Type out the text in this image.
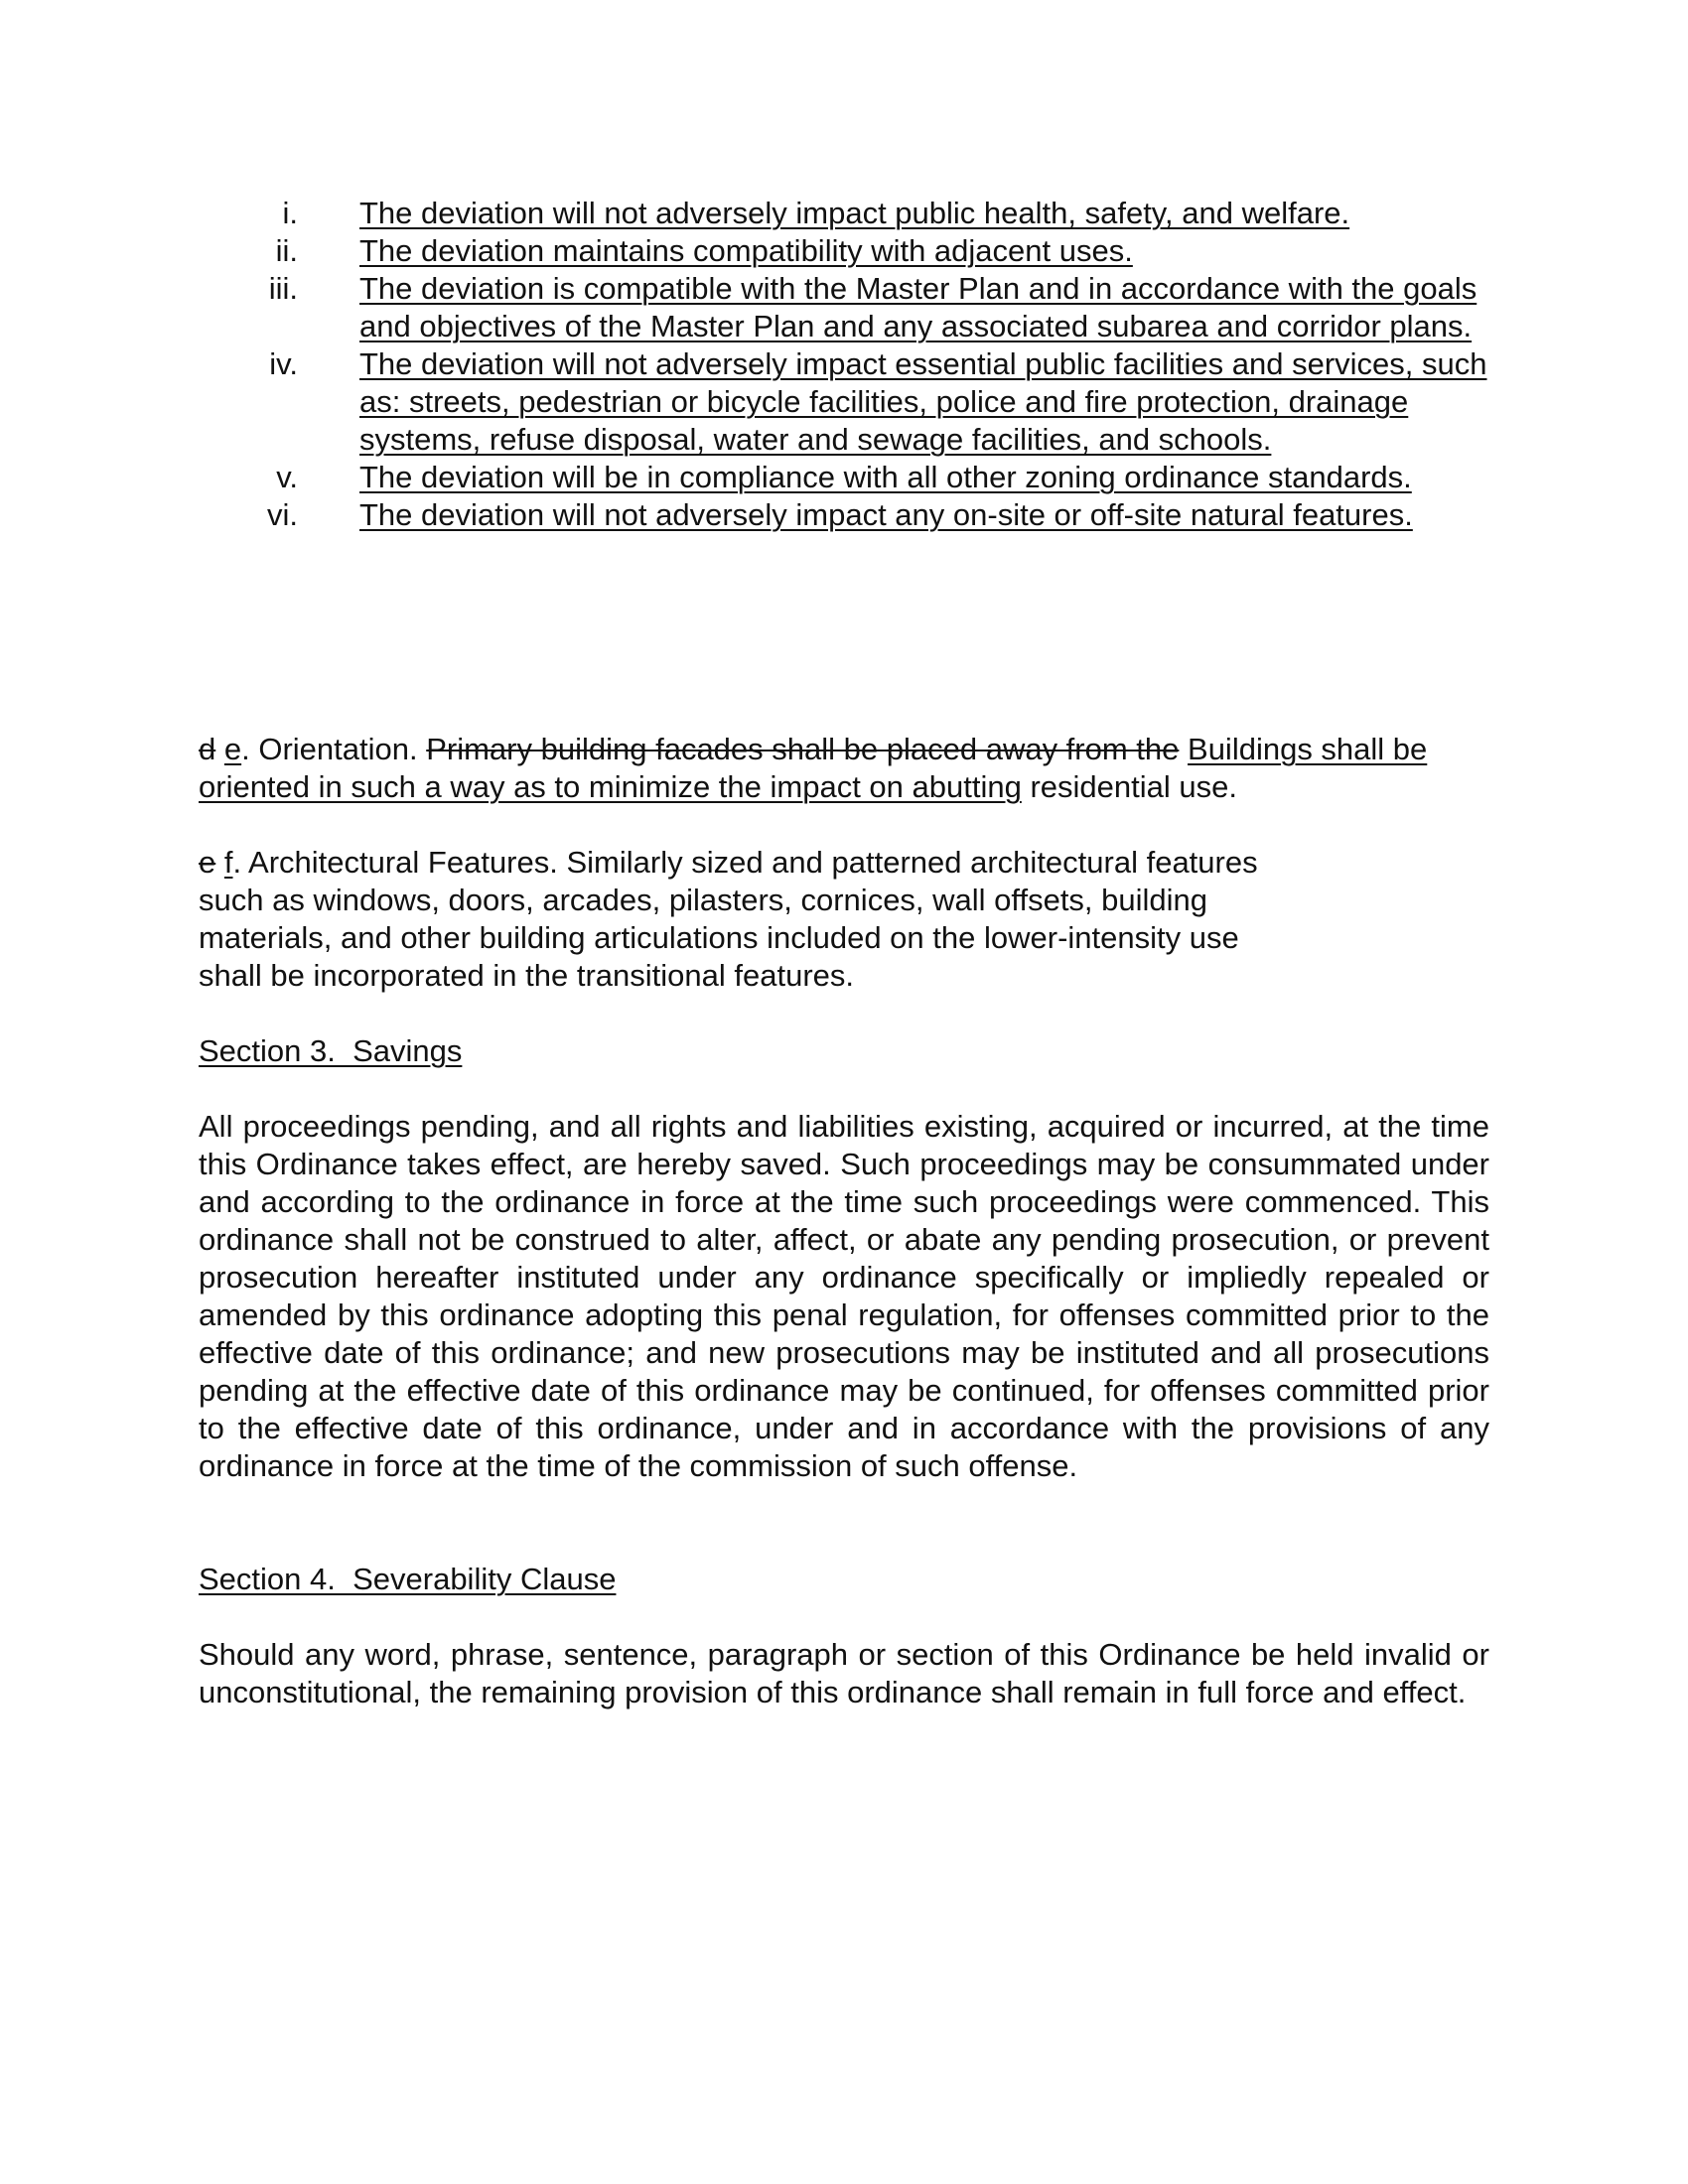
i. The deviation will not adversely impact public health, safety, and welfare.
ii. The deviation maintains compatibility with adjacent uses.
iii. The deviation is compatible with the Master Plan and in accordance with the goals and objectives of the Master Plan and any associated subarea and corridor plans.
iv. The deviation will not adversely impact essential public facilities and services, such as: streets, pedestrian or bicycle facilities, police and fire protection, drainage systems, refuse disposal, water and sewage facilities, and schools.
v. The deviation will be in compliance with all other zoning ordinance standards.
vi. The deviation will not adversely impact any on-site or off-site natural features.

d e. Orientation. Primary building facades shall be placed away from the Buildings shall be oriented in such a way as to minimize the impact on abutting residential use.

e f. Architectural Features. Similarly sized and patterned architectural features
such as windows, doors, arcades, pilasters, cornices, wall offsets, building
materials, and other building articulations included on the lower-intensity use
shall be incorporated in the transitional features.

Section 3.  Savings

All proceedings pending, and all rights and liabilities existing, acquired or incurred, at the time this Ordinance takes effect, are hereby saved. Such proceedings may be consummated under and according to the ordinance in force at the time such proceedings were commenced. This ordinance shall not be construed to alter, affect, or abate any pending prosecution, or prevent prosecution hereafter instituted under any ordinance specifically or impliedly repealed or amended by this ordinance adopting this penal regulation, for offenses committed prior to the effective date of this ordinance; and new prosecutions may be instituted and all prosecutions pending at the effective date of this ordinance may be continued, for offenses committed prior to the effective date of this ordinance, under and in accordance with the provisions of any ordinance in force at the time of the commission of such offense.

Section 4.  Severability Clause

Should any word, phrase, sentence, paragraph or section of this Ordinance be held invalid or unconstitutional, the remaining provision of this ordinance shall remain in full force and effect.
